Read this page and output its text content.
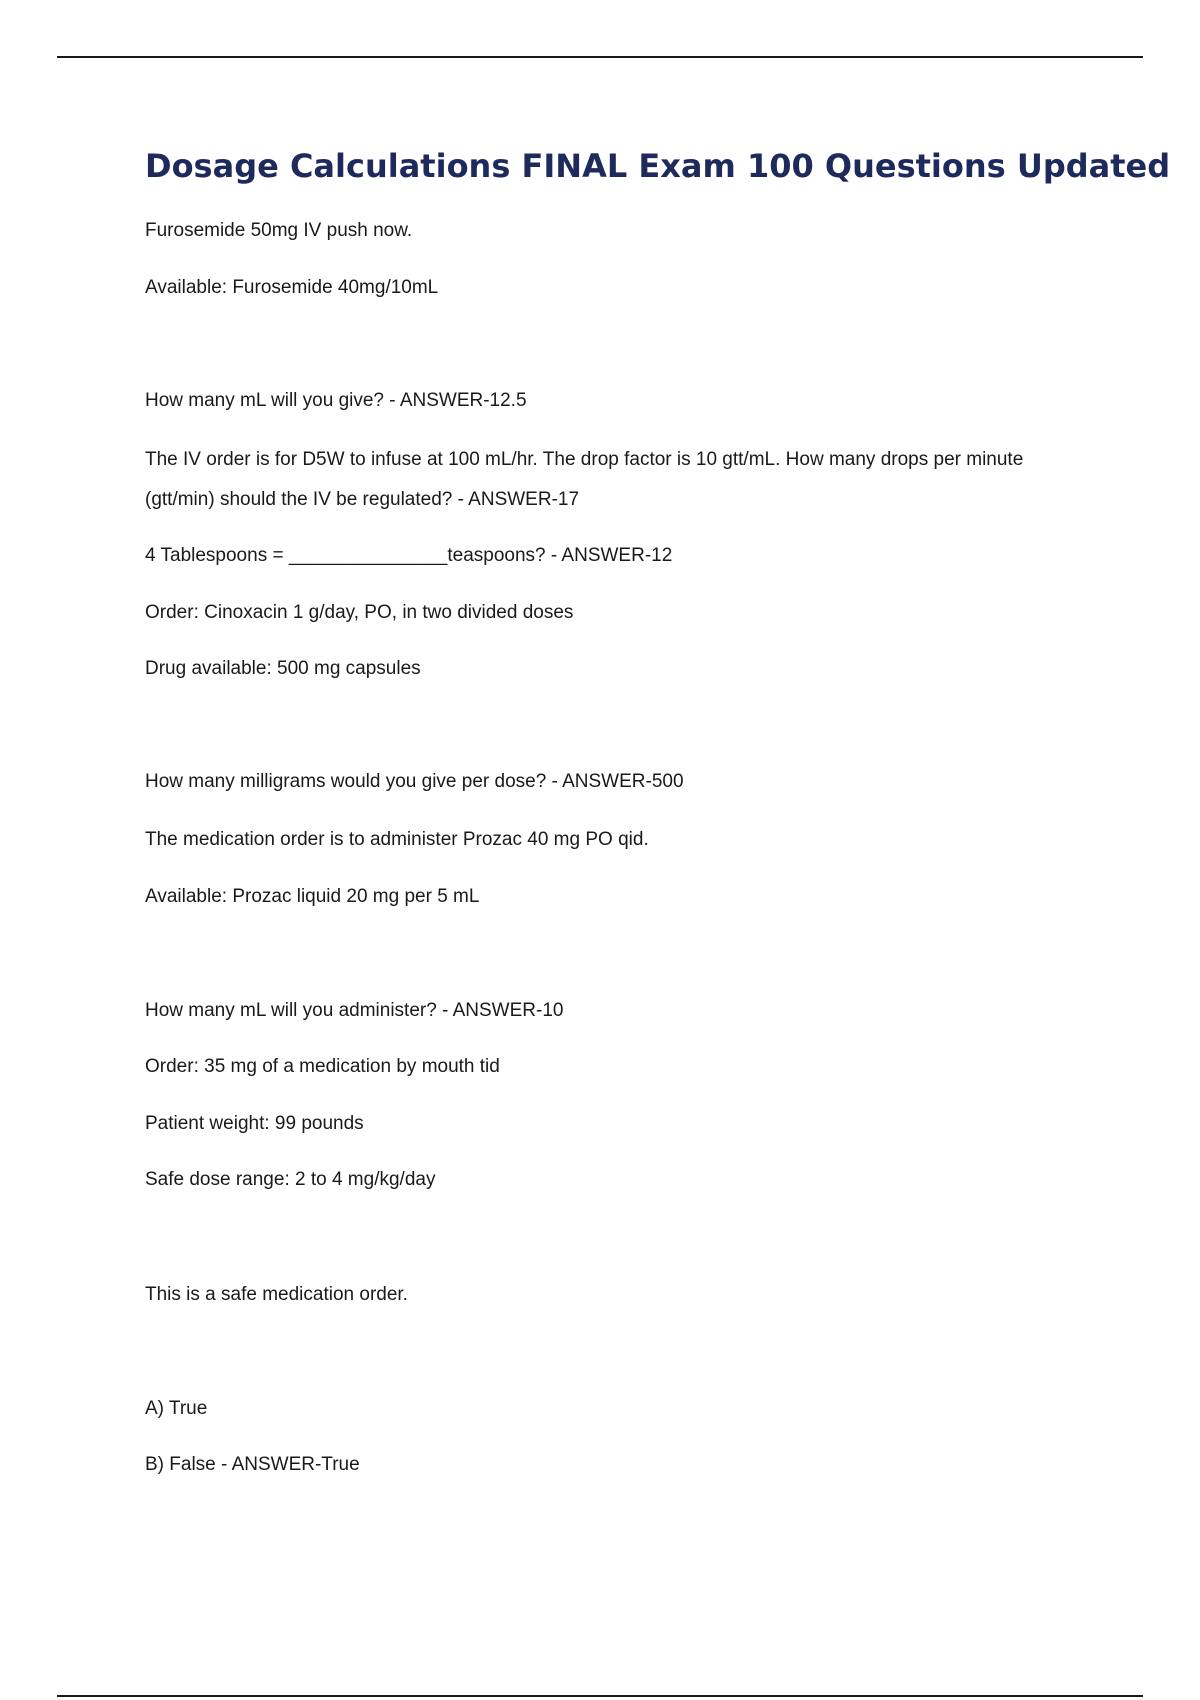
Dosage Calculations FINAL Exam 100 Questions Updated

Furosemide 50mg IV push now.

Available: Furosemide 40mg/10mL

How many mL will you give? - ANSWER-12.5

The IV order is for D5W to infuse at 100 mL/hr. The drop factor is 10 gtt/mL. How many drops per minute (gtt/min) should the IV be regulated? - ANSWER-17

4 Tablespoons = _______________teaspoons? - ANSWER-12

Order: Cinoxacin 1 g/day, PO, in two divided doses

Drug available: 500 mg capsules

How many milligrams would you give per dose? - ANSWER-500

The medication order is to administer Prozac 40 mg PO qid.

Available: Prozac liquid 20 mg per 5 mL

How many mL will you administer? - ANSWER-10

Order: 35 mg of a medication by mouth tid

Patient weight: 99 pounds

Safe dose range: 2 to 4 mg/kg/day

This is a safe medication order.

A) True

B) False - ANSWER-True
